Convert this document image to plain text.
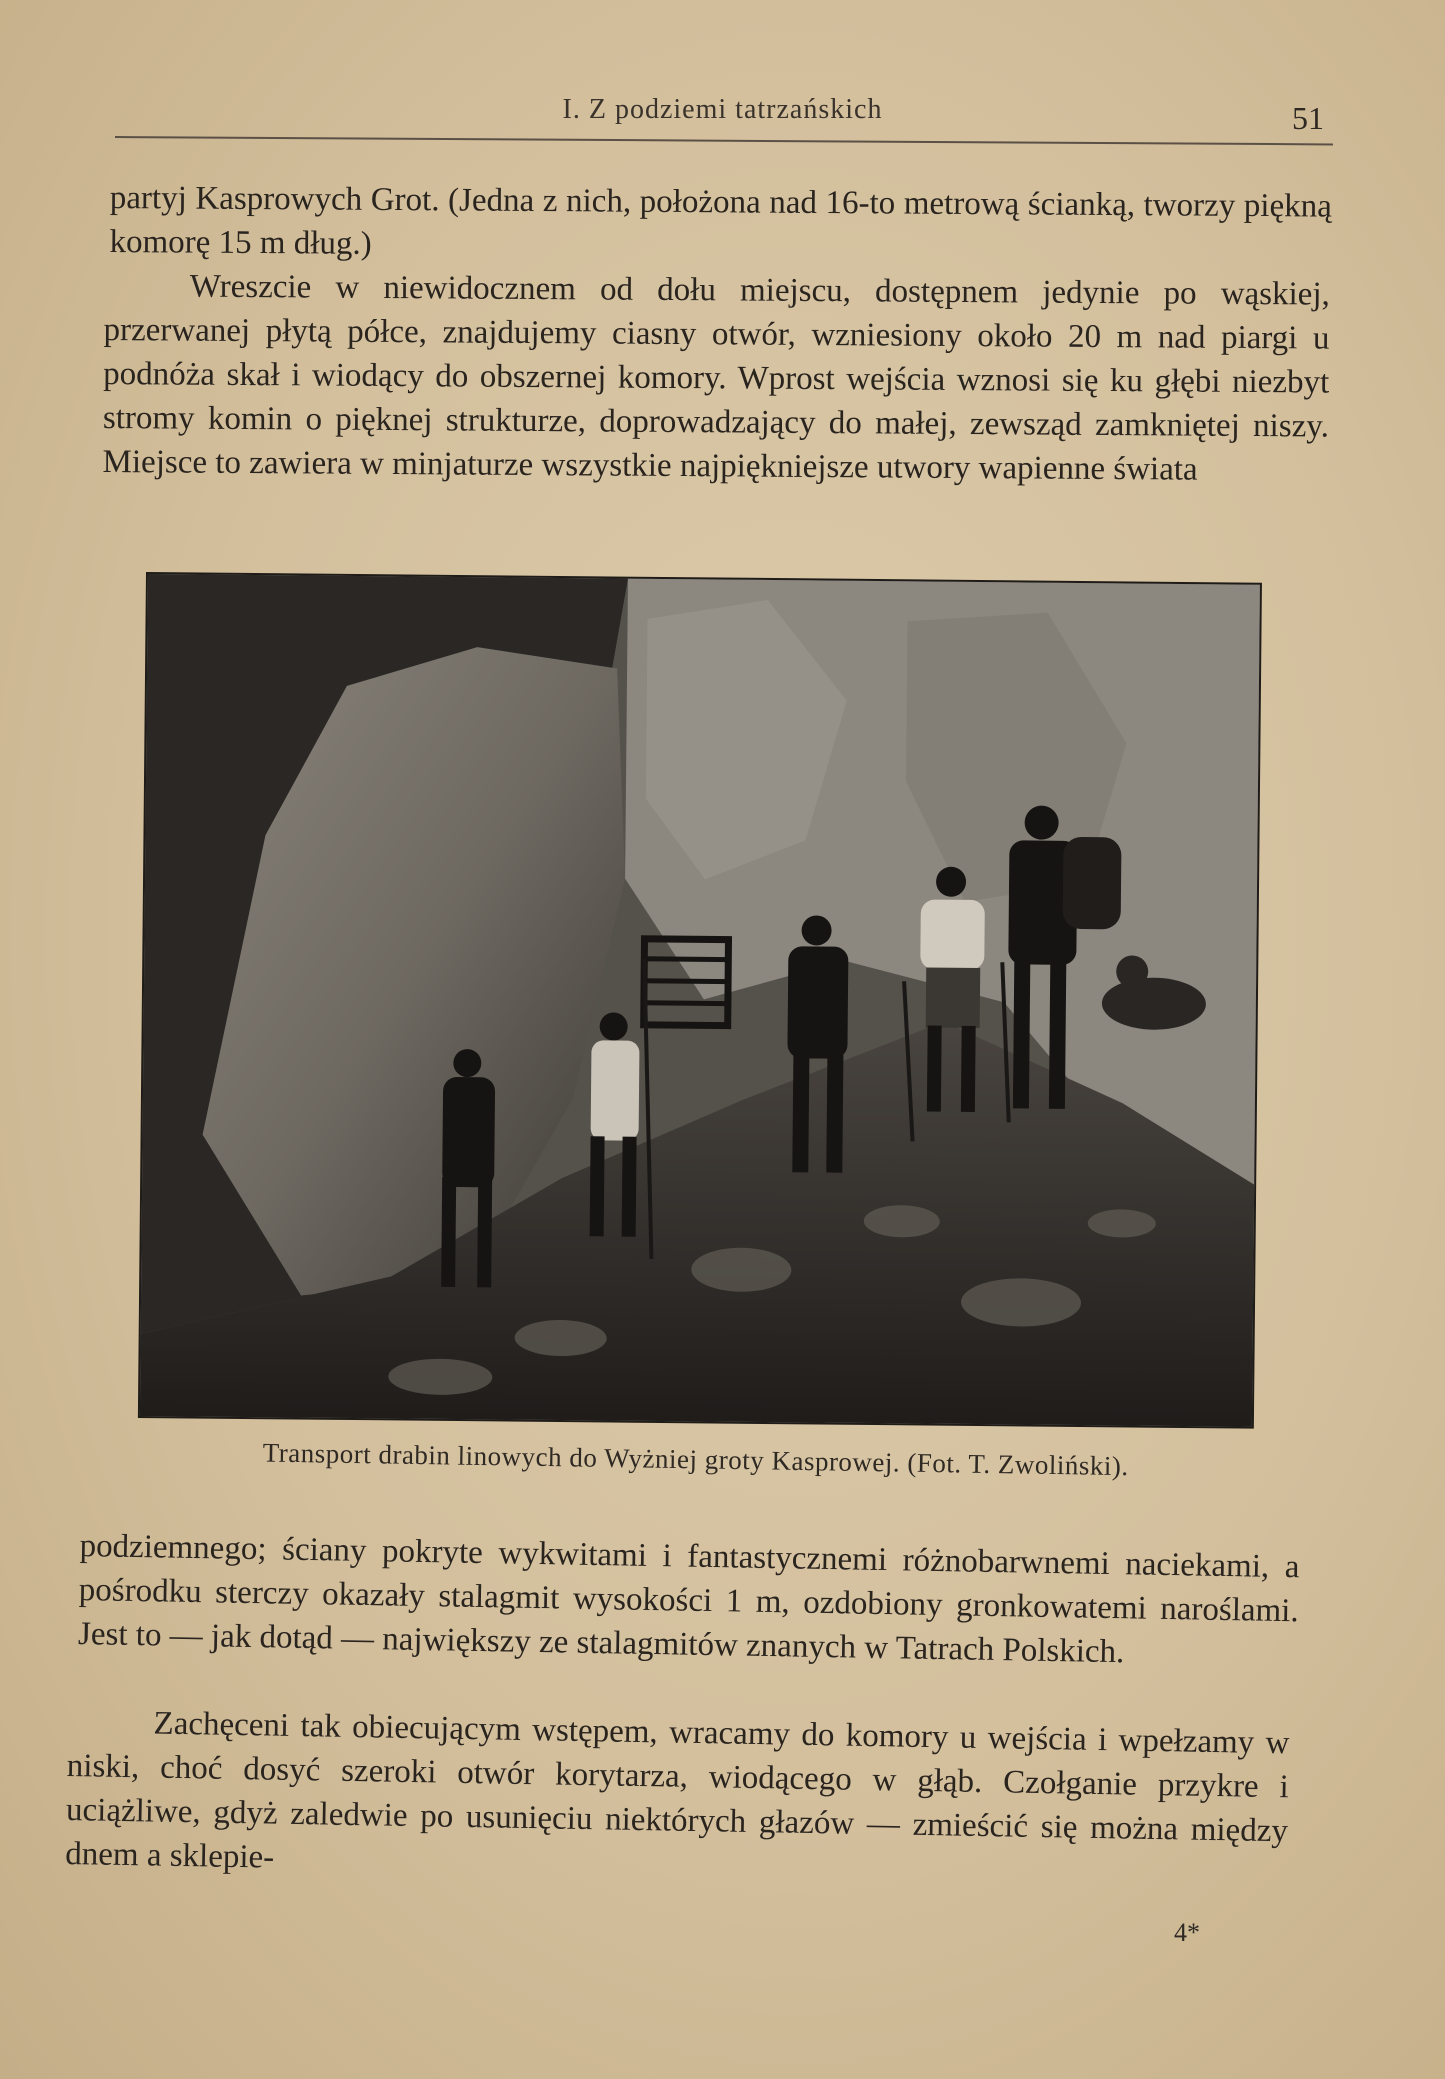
I. Z podziemi tatrzańskich	51

partyj Kasprowych Grot. (Jedna z nich, położona nad 16-to metrową ścianką, tworzy piękną komorę 15 m dług.)

Wreszcie w niewidocznem od dołu miejscu, dostępnem jedynie po wąskiej, przerwanej płytą półce, znajdujemy ciasny otwór, wzniesiony około 20 m nad piargi u podnóża skał i wiodący do obszernej komory. Wprost wejścia wznosi się ku głębi niezbyt stromy komin o pięknej strukturze, doprowadzający do małej, zewsząd zamkniętej niszy. Miejsce to zawiera w minjaturze wszystkie najpiękniejsze utwory wapienne świata

Transport drabin linowych do Wyżniej groty Kasprowej. (Fot. T. Zwoliński).

podziemnego; ściany pokryte wykwitami i fantastycznemi różnobarwnemi naciekami, a pośrodku sterczy okazały stalagmit wysokości 1 m, ozdobiony gronkowatemi naroślami. Jest to — jak dotąd — największy ze stalagmitów znanych w Tatrach Polskich.

Zachęceni tak obiecującym wstępem, wracamy do komory u wejścia i wpełzamy w niski, choć dosyć szeroki otwór korytarza, wiodącego w głąb. Czołganie przykre i uciążliwe, gdyż zaledwie po usunięciu niektórych głazów — zmieścić się można między dnem a sklepie-

4*
